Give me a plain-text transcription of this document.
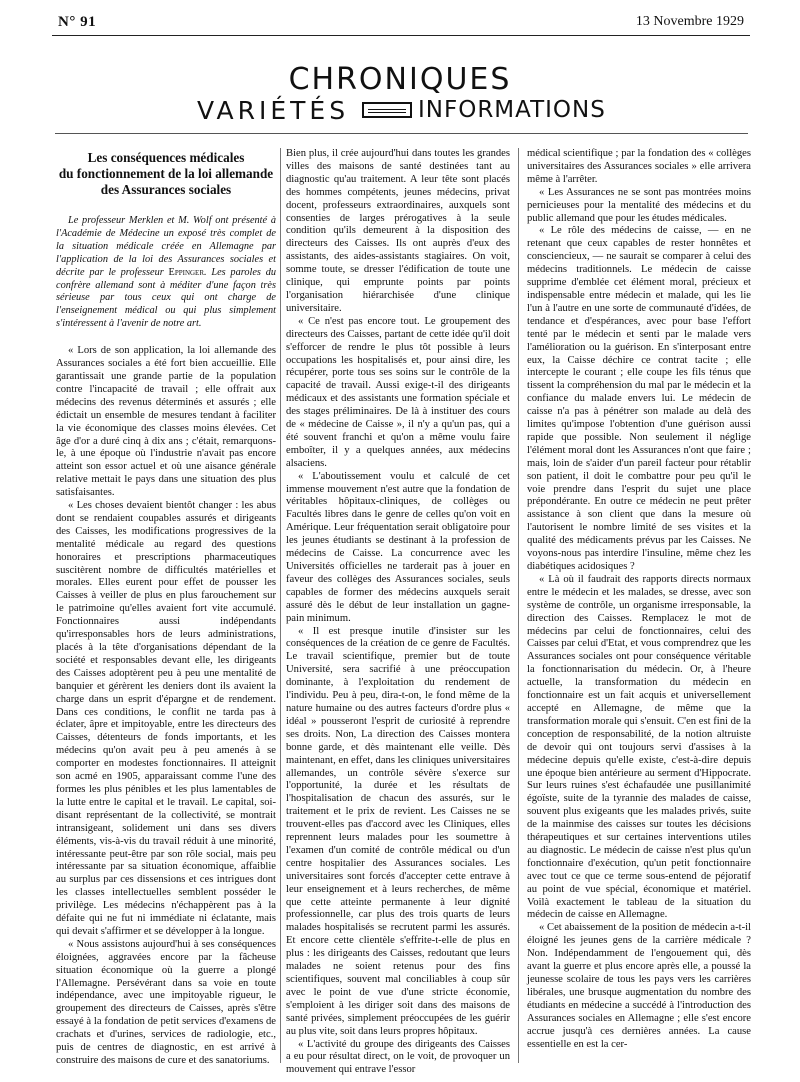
N° 91	13 Novembre 1929
CHRONIQUES
VARIÉTÉS	INFORMATIONS
Les conséquences médicales
du fonctionnement de la loi allemande
des Assurances sociales

Le professeur Merklen et M. Wolf ont présenté à l'Académie de Médecine un exposé très complet de la situation médicale créée en Allemagne par l'application de la loi des Assurances sociales et décrite par le professeur Eppinger. Les paroles du confrère allemand sont à méditer d'une façon très sérieuse par tous ceux qui ont charge de l'enseignement médical ou qui plus simplement s'intéressent à l'avenir de notre art.

« Lors de son application, la loi allemande des Assurances sociales a été fort bien accueillie. Elle garantissait une grande partie de la population contre l'incapacité de travail ; elle offrait aux médecins des revenus déterminés et assurés ; elle édictait un ensemble de mesures tendant à faciliter la vie économique des classes moins élevées. Cet âge d'or a duré cinq à dix ans ; c'était, remarquons-le, à une époque où l'industrie n'avait pas encore atteint son essor actuel et où une aisance générale relative mettait le pays dans une situation des plus satisfaisantes.

« Les choses devaient bientôt changer : les abus dont se rendaient coupables assurés et dirigeants des Caisses, les modifications progressives de la mentalité médicale au regard des questions honoraires et prescriptions pharmaceutiques suscitèrent nombre de difficultés matérielles et morales. Elles eurent pour effet de pousser les Caisses à veiller de plus en plus farouchement sur le patrimoine qu'elles avaient fort vite accumulé. Fonctionnaires aussi indépendants qu'irresponsables hors de leurs administrations, placés à la tête d'organisations dépendant de la société et responsables devant elle, les dirigeants des Caisses adoptèrent peu à peu une mentalité de banquier et gérèrent les deniers dont ils avaient la charge dans un esprit d'épargne et de rendement. Dans ces conditions, le conflit ne tarda pas à éclater, âpre et impitoyable, entre les directeurs des Caisses, détenteurs de fonds importants, et les médecins qu'on avait peu à peu amenés à se comporter en modestes fonctionnaires. Il atteignit son acmé en 1905, apparaissant comme l'une des formes les plus pénibles et les plus lamentables de la lutte entre le capital et le travail. Le capital, soi-disant représentant de la collectivité, se montrait intransigeant, solidement uni dans ses divers éléments, vis-à-vis du travail réduit à une minorité, intéressante peut-être par son rôle social, mais peu intéressante par sa situation économique, affaiblie au surplus par ces dissensions et ces intrigues dont les classes intellectuelles semblent posséder le privilège. Les médecins n'échappèrent pas à la défaite qui ne fut ni immédiate ni éclatante, mais qui devait s'affirmer et se développer à la longue.

« Nous assistons aujourd'hui à ses conséquences éloignées, aggravées encore par la fâcheuse situation économique où la guerre a plongé l'Allemagne. Persévérant dans sa voie en toute indépendance, avec une impitoyable rigueur, le groupement des directeurs de Caisses, après s'être essayé à la fondation de petit services d'examens de crachats et d'urines, services de radiologie, etc., puis de centres de diagnostic, en est arrivé à construire des maisons de cure et des sanatoriums.

Bien plus, il crée aujourd'hui dans toutes les grandes villes des maisons de santé destinées tant au diagnostic qu'au traitement. A leur tête sont placés des hommes compétents, jeunes médecins, privat docent, professeurs extraordinaires, auxquels sont consenties de larges prérogatives à la seule condition qu'ils demeurent à la disposition des directeurs des Caisses. Ils ont auprès d'eux des assistants, des aides-assistants stagiaires. On voit, somme toute, se dresser l'édification de toute une clinique, qui emprunte points par points l'organisation hiérarchisée d'une clinique universitaire.

« Ce n'est pas encore tout. Le groupement des directeurs des Caisses, partant de cette idée qu'il doit s'efforcer de rendre le plus tôt possible à leurs occupations les hospitalisés et, pour ainsi dire, les récupérer, porte tous ses soins sur le contrôle de la capacité de travail. Aussi exige-t-il des dirigeants médicaux et des assistants une formation spéciale et des stages préliminaires. De là à instituer des cours de « médecine de Caisse », il n'y a qu'un pas, qui a été souvent franchi et qu'on a même voulu faire emboîter, il y a quelques années, aux médecins alsaciens.

« L'aboutissement voulu et calculé de cet immense mouvement n'est autre que la fondation de véritables hôpitaux-cliniques, de collèges ou Facultés libres dans le genre de celles qu'on voit en Amérique. Leur fréquentation serait obligatoire pour les jeunes étudiants se destinant à la profession de médecins de Caisse. La concurrence avec les Universités officielles ne tarderait pas à jouer en faveur des collèges des Assurances sociales, seuls capables de former des médecins auxquels serait assuré dès le début de leur installation un gagne-pain minimum.

« Il est presque inutile d'insister sur les conséquences de la création de ce genre de Facultés. Le travail scientifique, premier but de toute Université, sera sacrifié à une préoccupation dominante, à l'exploitation du rendement de l'individu. Peu à peu, dira-t-on, le fond même de la nature humaine ou des autres facteurs d'ordre plus « idéal » pousseront l'esprit de curiosité à reprendre ses droits. Non, La direction des Caisses montera bonne garde, et dès maintenant elle veille. Dès maintenant, en effet, dans les cliniques universitaires allemandes, un contrôle sévère s'exerce sur l'opportunité, la durée et les résultats de l'hospitalisation de chacun des assurés, sur le traitement et le prix de revient. Les Caisses ne se trouvent-elles pas d'accord avec les Cliniques, elles reprennent leurs malades pour les soumettre à l'examen d'un comité de contrôle médical ou d'un centre hospitalier des Assurances sociales. Les universitaires sont forcés d'accepter cette entrave à leur enseignement et à leurs recherches, de même que cette atteinte permanente à leur dignité professionnelle, car plus des trois quarts de leurs malades hospitalisés se recrutent parmi les assurés. Et encore cette clientèle s'effrite-t-elle de plus en plus : les dirigeants des Caisses, redoutant que leurs malades ne soient retenus pour des fins scientifiques, souvent mal conciliables à coup sûr avec le point de vue d'une stricte économie, s'emploient à les diriger soit dans des maisons de santé privées, simplement préoccupées de les guérir au plus vite, soit dans leurs propres hôpitaux.

« L'activité du groupe des dirigeants des Caisses a eu pour résultat direct, on le voit, de provoquer un mouvement qui entrave l'essor

médical scientifique ; par la fondation des « collèges universitaires des Assurances sociales » elle arrivera même à l'arrêter.

« Les Assurances ne se sont pas montrées moins pernicieuses pour la mentalité des médecins et du public allemand que pour les études médicales.

« Le rôle des médecins de caisse, — en ne retenant que ceux capables de rester honnêtes et consciencieux, — ne saurait se comparer à celui des médecins traditionnels. Le médecin de caisse supprime d'emblée cet élément moral, précieux et indispensable entre médecin et malade, qui les lie l'un à l'autre en une sorte de communauté d'idées, de tendance et d'espérances, avec pour base l'effort tenté par le médecin et senti par le malade vers l'amélioration ou la guérison. En s'interposant entre eux, la Caisse déchire ce contrat tacite ; elle intercepte le courant ; elle coupe les fils ténus que tissent la compréhension du mal par le médecin et la confiance du malade envers lui. Le médecin de caisse n'a pas à pénétrer son malade au delà des limites qu'impose l'obtention d'une guérison aussi rapide que possible. Non seulement il néglige l'élément moral dont les Assurances n'ont que faire ; mais, loin de s'aider d'un pareil facteur pour rétablir son patient, il doit le combattre pour peu qu'il le voie prendre dans l'esprit du sujet une place prépondérante. En outre ce médecin ne peut prêter assistance à son client que dans la mesure où l'autorisent le nombre limité de ses visites et la qualité des médicaments prévus par les Caisses. Ne voyons-nous pas interdire l'insuline, même chez les diabétiques acidosiques ?

« Là où il faudrait des rapports directs normaux entre le médecin et les malades, se dresse, avec son système de contrôle, un organisme irresponsable, la direction des Caisses. Remplacez le mot de médecins par celui de fonctionnaires, celui des Caisses par celui d'Etat, et vous comprendrez que les Assurances sociales ont pour conséquence véritable la fonctionnarisation du médecin. Or, à l'heure actuelle, la transformation du médecin en fonctionnaire est un fait acquis et universellement accepté en Allemagne, de même que la transformation morale qui s'ensuit. C'en est fini de la conception de responsabilité, de la notion altruiste de devoir qui ont toujours servi d'assises à la médecine depuis qu'elle existe, c'est-à-dire depuis une époque bien antérieure au serment d'Hippocrate. Sur leurs ruines s'est échafaudée une pusillanimité égoïste, suite de la tyrannie des malades de caisse, souvent plus exigeants que les malades privés, suite de la mainmise des caisses sur toutes les décisions thérapeutiques et sur certaines interventions utiles au diagnostic. Le médecin de caisse n'est plus qu'un fonctionnaire d'exécution, qu'un petit fonctionnaire avec tout ce que ce terme sous-entend de péjoratif au point de vue spécial, économique et matériel. Voilà exactement le tableau de la situation du médecin de caisse en Allemagne.

« Cet abaissement de la position de médecin a-t-il éloigné les jeunes gens de la carrière médicale ? Non. Indépendamment de l'engouement qui, dès avant la guerre et plus encore après elle, a poussé la jeunesse scolaire de tous les pays vers les carrières libérales, une brusque augmentation du nombre des étudiants en médecine a succédé à l'introduction des Assurances sociales en Allemagne ; elle s'est encore accrue jusqu'à ces dernières années. La cause essentielle en est la cer-
